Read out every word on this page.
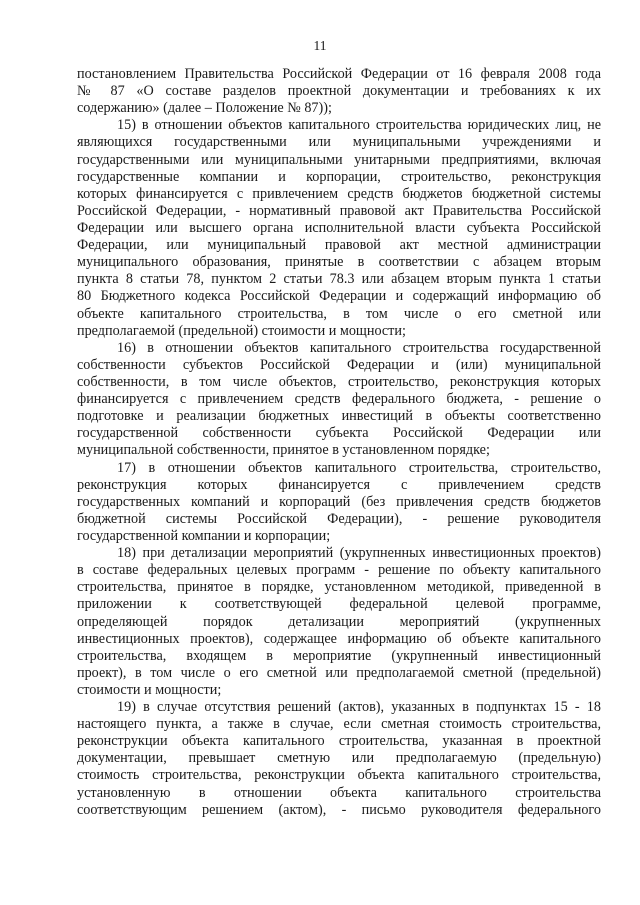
11
постановлением Правительства Российской Федерации от 16 февраля 2008 года
№ 87 «О составе разделов проектной документации и требованиях к их
содержанию» (далее – Положение № 87));
15) в отношении объектов капитального строительства юридических лиц, не
являющихся государственными или муниципальными учреждениями и
государственными или муниципальными унитарными предприятиями, включая
государственные компании и корпорации, строительство, реконструкция
которых финансируется с привлечением средств бюджетов бюджетной системы
Российской Федерации, - нормативный правовой акт Правительства Российской
Федерации или высшего органа исполнительной власти субъекта Российской
Федерации, или муниципальный правовой акт местной администрации
муниципального образования, принятые в соответствии с абзацем вторым
пункта 8 статьи 78, пунктом 2 статьи 78.3 или абзацем вторым пункта 1 статьи
80 Бюджетного кодекса Российской Федерации и содержащий информацию об
объекте капитального строительства, в том числе о его сметной или
предполагаемой (предельной) стоимости и мощности;
16) в отношении объектов капитального строительства государственной
собственности субъектов Российской Федерации и (или) муниципальной
собственности, в том числе объектов, строительство, реконструкция которых
финансируется с привлечением средств федерального бюджета, - решение о
подготовке и реализации бюджетных инвестиций в объекты соответственно
государственной собственности субъекта Российской Федерации или
муниципальной собственности, принятое в установленном порядке;
17) в отношении объектов капитального строительства, строительство,
реконструкция которых финансируется с привлечением средств
государственных компаний и корпораций (без привлечения средств бюджетов
бюджетной системы Российской Федерации), - решение руководителя
государственной компании и корпорации;
18) при детализации мероприятий (укрупненных инвестиционных проектов)
в составе федеральных целевых программ - решение по объекту капитального
строительства, принятое в порядке, установленном методикой, приведенной в
приложении к соответствующей федеральной целевой программе,
определяющей порядок детализации мероприятий (укрупненных
инвестиционных проектов), содержащее информацию об объекте капитального
строительства, входящем в мероприятие (укрупненный инвестиционный
проект), в том числе о его сметной или предполагаемой сметной (предельной)
стоимости и мощности;
19) в случае отсутствия решений (актов), указанных в подпунктах 15 - 18
настоящего пункта, а также в случае, если сметная стоимость строительства,
реконструкции объекта капитального строительства, указанная в проектной
документации, превышает сметную или предполагаемую (предельную)
стоимость строительства, реконструкции объекта капитального строительства,
установленную в отношении объекта капитального строительства
соответствующим решением (актом), - письмо руководителя федерального
